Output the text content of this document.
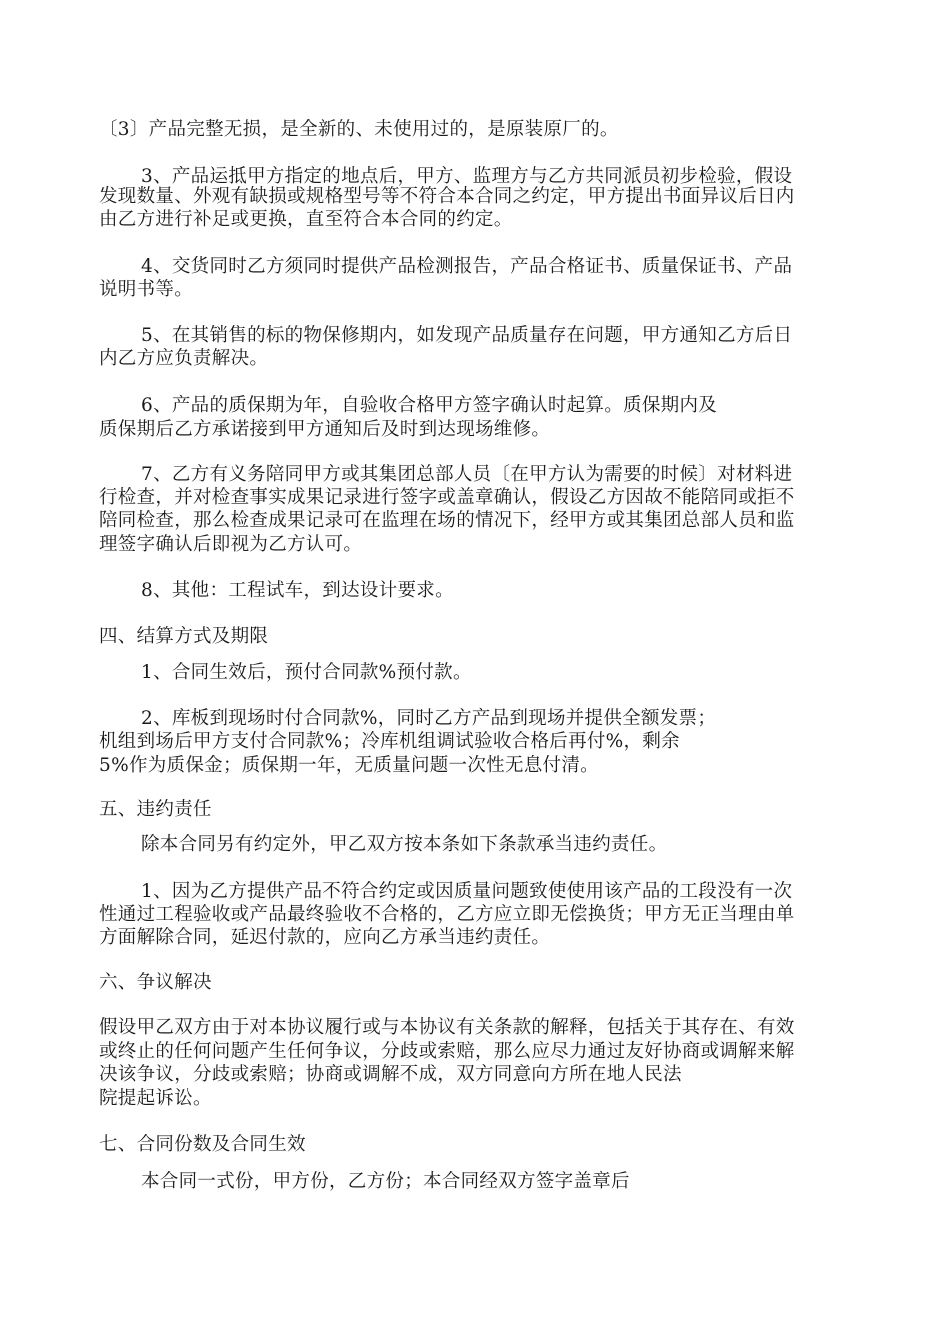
〔3〕产品完整无损，是全新的、未使用过的，是原装原厂的。
3、产品运抵甲方指定的地点后，甲方、监理方与乙方共同派员初步检验，假设
发现数量、外观有缺损或规格型号等不符合本合同之约定，甲方提出书面异议后日内
由乙方进行补足或更换，直至符合本合同的约定。
4、交货同时乙方须同时提供产品检测报告，产品合格证书、质量保证书、产品
说明书等。
5、在其销售的标的物保修期内，如发现产品质量存在问题，甲方通知乙方后日
内乙方应负责解决。
6、产品的质保期为年，自验收合格甲方签字确认时起算。质保期内及
质保期后乙方承诺接到甲方通知后及时到达现场维修。
7、乙方有义务陪同甲方或其集团总部人员〔在甲方认为需要的时候〕对材料进
行检查，并对检查事实成果记录进行签字或盖章确认，假设乙方因故不能陪同或拒不
陪同检查，那么检查成果记录可在监理在场的情况下，经甲方或其集团总部人员和监
理签字确认后即视为乙方认可。
8、其他：工程试车，到达设计要求。
四、结算方式及期限
1、合同生效后，预付合同款%预付款。
2、库板到现场时付合同款%，同时乙方产品到现场并提供全额发票；
机组到场后甲方支付合同款%；冷库机组调试验收合格后再付%，剩余
5%作为质保金；质保期一年，无质量问题一次性无息付清。
五、违约责任
除本合同另有约定外，甲乙双方按本条如下条款承当违约责任。
1、因为乙方提供产品不符合约定或因质量问题致使使用该产品的工段没有一次
性通过工程验收或产品最终验收不合格的，乙方应立即无偿换货；甲方无正当理由单
方面解除合同，延迟付款的，应向乙方承当违约责任。
六、争议解决
假设甲乙双方由于对本协议履行或与本协议有关条款的解释，包括关于其存在、有效
或终止的任何问题产生任何争议，分歧或索赔，那么应尽力通过友好协商或调解来解
决该争议，分歧或索赔；协商或调解不成，双方同意向方所在地人民法
院提起诉讼。
七、合同份数及合同生效
本合同一式份，甲方份，乙方份；本合同经双方签字盖章后
